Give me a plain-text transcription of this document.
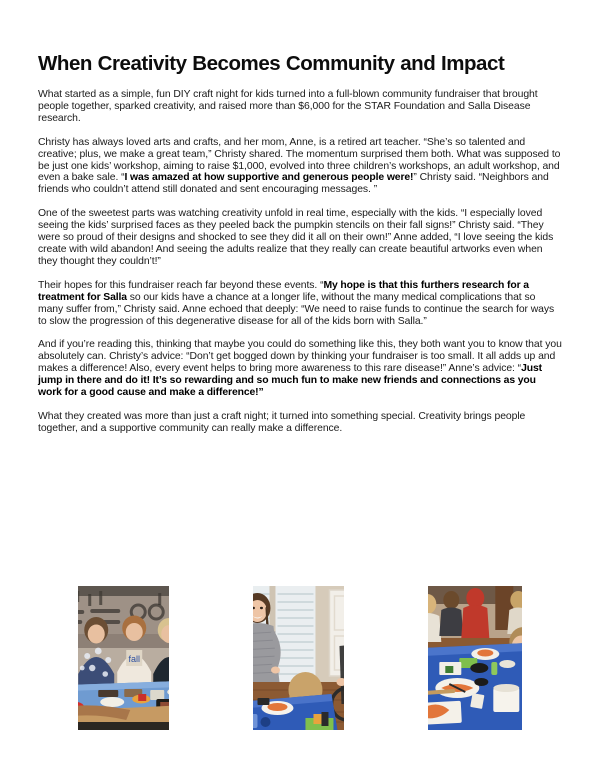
When Creativity Becomes Community and Impact

What started as a simple, fun DIY craft night for kids turned into a full-blown community fundraiser that brought people together, sparked creativity, and raised more than $6,000 for the STAR Foundation and Salla Disease research.

Christy has always loved arts and crafts, and her mom, Anne, is a retired art teacher. “She’s so talented and creative; plus, we make a great team,” Christy shared. The momentum surprised them both. What was supposed to be just one kids’ workshop, aiming to raise $1,000, evolved into three children’s workshops, an adult workshop, and even a bake sale. “I was amazed at how supportive and generous people were!” Christy said. “Neighbors and friends who couldn’t attend still donated and sent encouraging messages. ”

One of the sweetest parts was watching creativity unfold in real time, especially with the kids. “I especially loved seeing the kids’ surprised faces as they peeled back the pumpkin stencils on their fall signs!” Christy said. “They were so proud of their designs and shocked to see they did it all on their own!” Anne added, “I love seeing the kids create with wild abandon! And seeing the adults realize that they really can create beautiful artworks even when they thought they couldn’t!”

Their hopes for this fundraiser reach far beyond these events. “My hope is that this furthers research for a treatment for Salla so our kids have a chance at a longer life, without the many medical complications that so many suffer from,” Christy said. Anne echoed that deeply: “We need to raise funds to continue the search for ways to slow the progression of this degenerative disease for all of the kids born with Salla.”

And if you’re reading this, thinking that maybe you could do something like this, they both want you to know that you absolutely can. Christy’s advice: “Don’t get bogged down by thinking your fundraiser is too small. It all adds up and makes a difference! Also, every event helps to bring more awareness to this rare disease!” Anne’s advice: “Just jump in there and do it! It’s so rewarding and so much fun to make new friends and connections as you work for a good cause and make a difference!”

What they created was more than just a craft night; it turned into something special. Creativity brings people together, and a supportive community can really make a difference.

fall
